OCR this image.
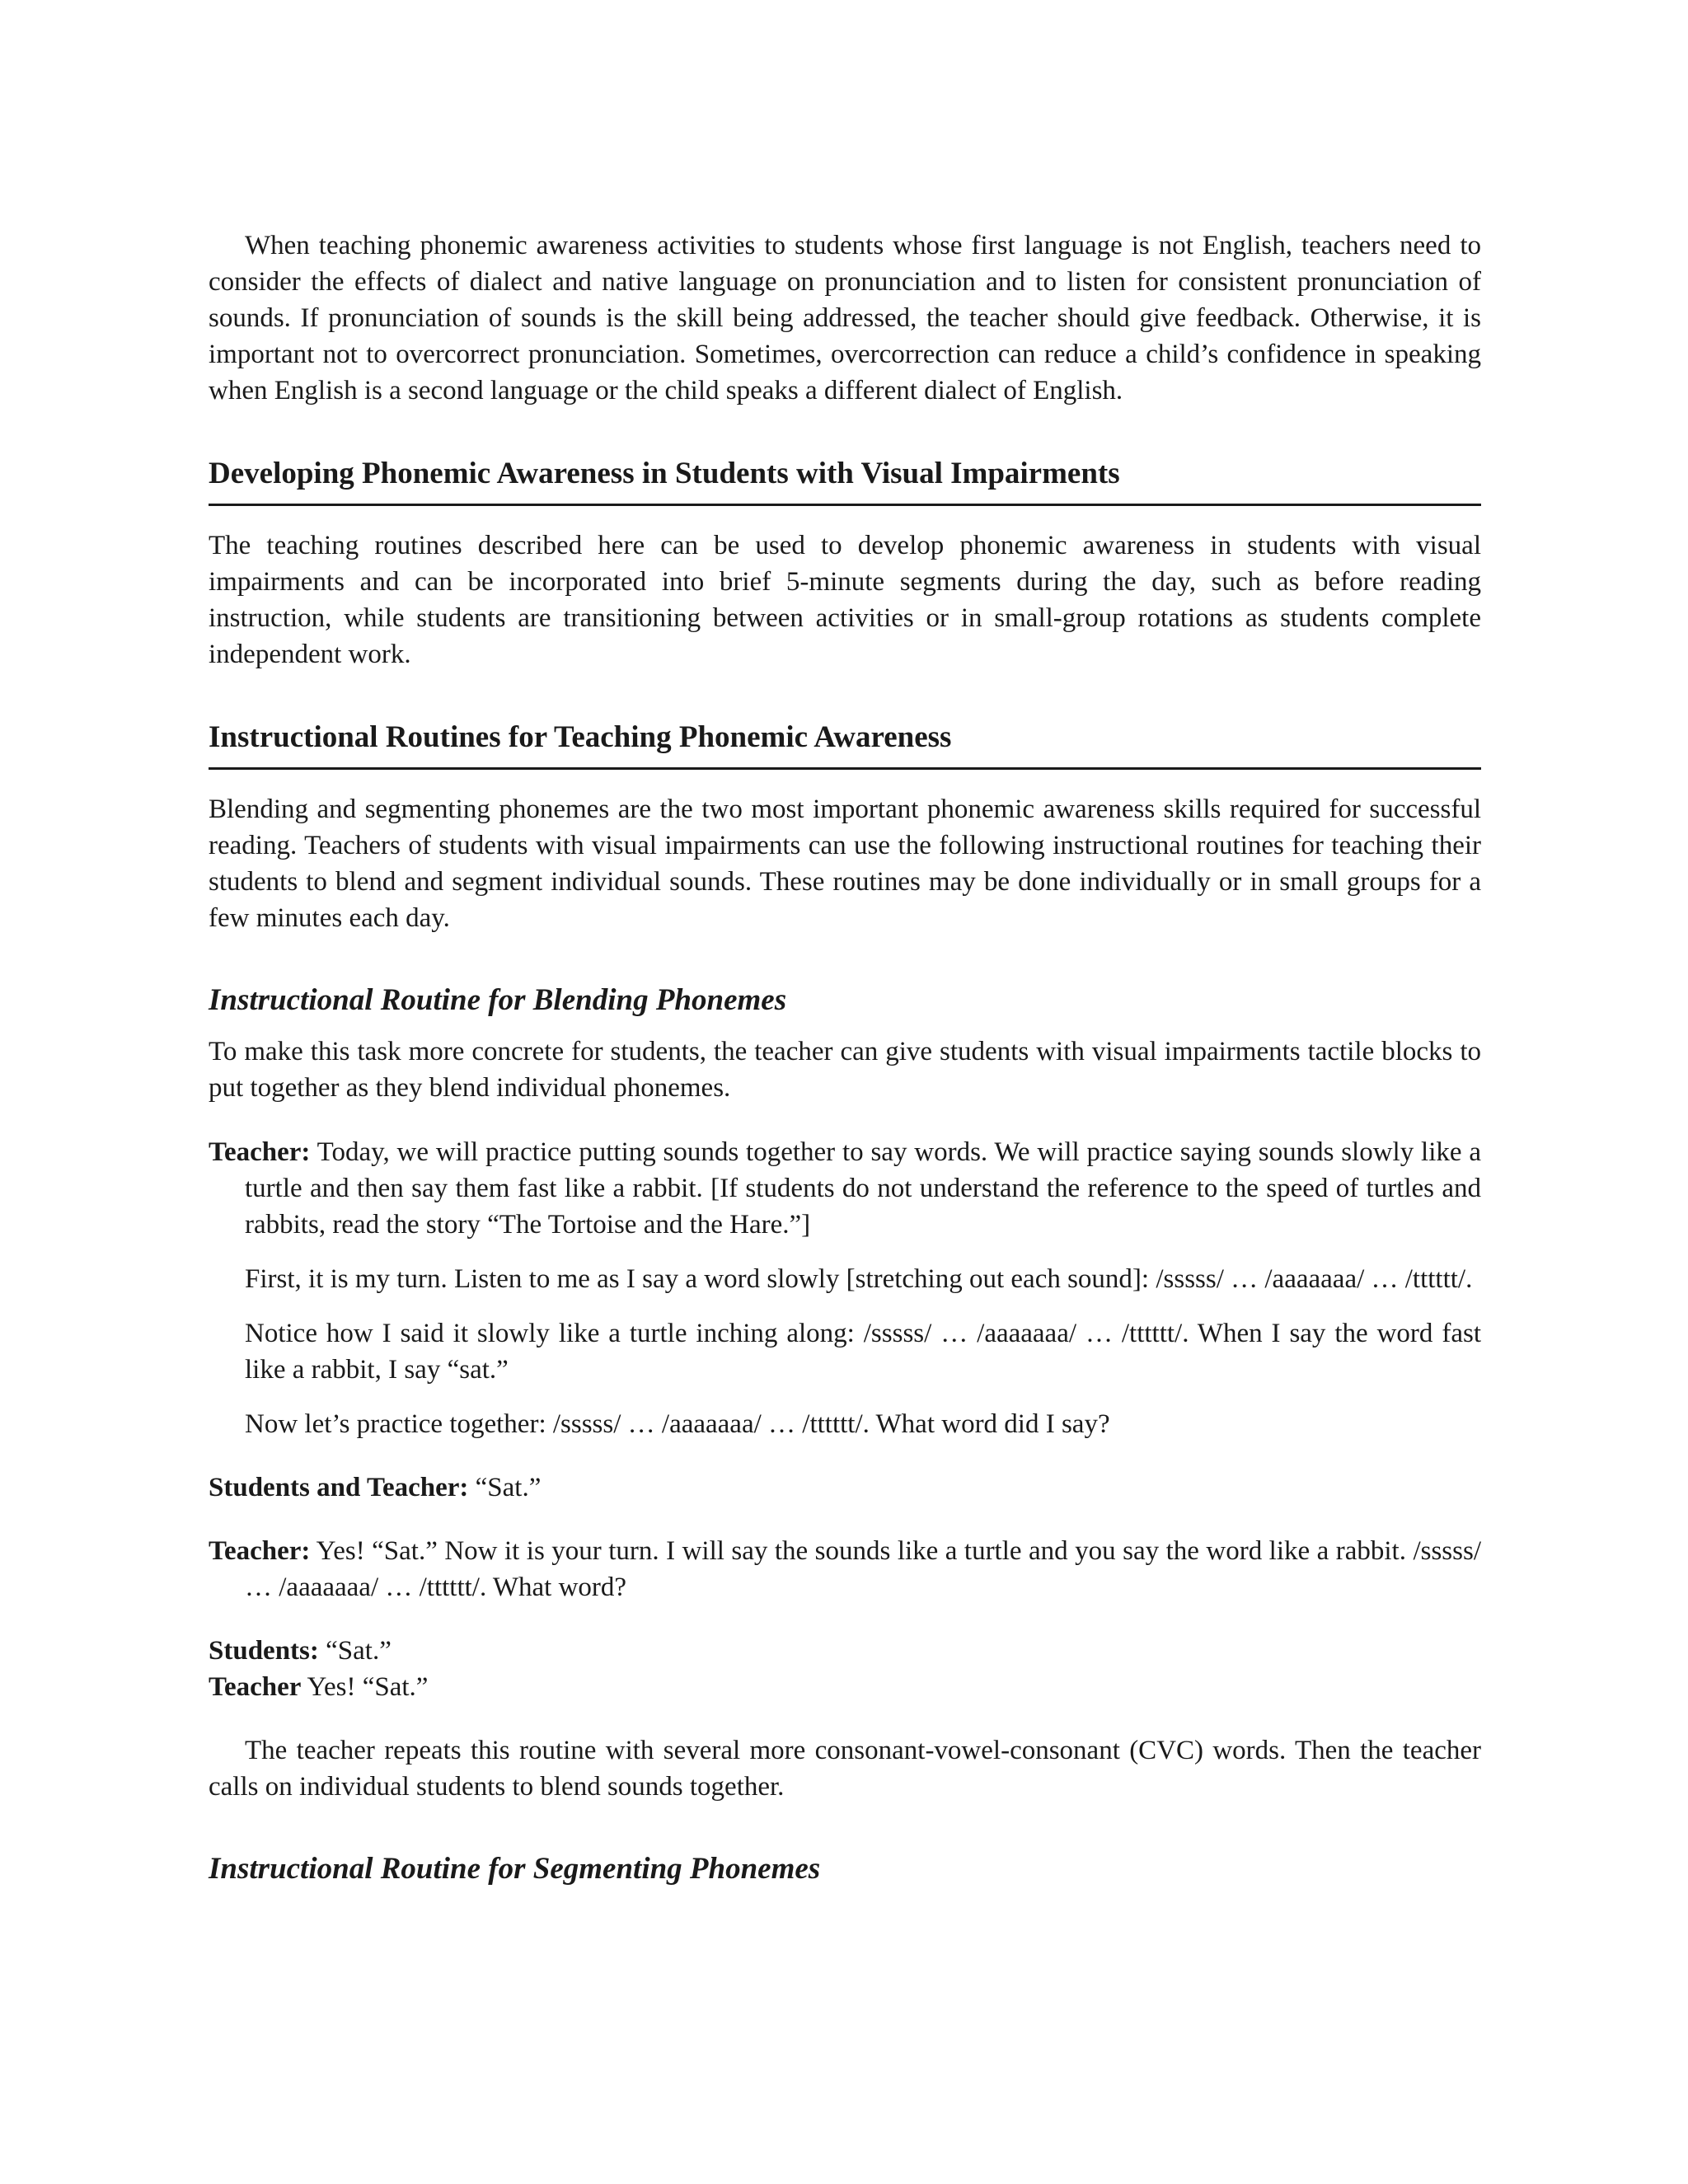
When teaching phonemic awareness activities to students whose first language is not English, teachers need to consider the effects of dialect and native language on pronunciation and to listen for consistent pronunciation of sounds. If pronunciation of sounds is the skill being addressed, the teacher should give feedback. Otherwise, it is important not to overcorrect pronunciation. Sometimes, overcorrection can reduce a child’s confidence in speaking when English is a second language or the child speaks a different dialect of English.

Developing Phonemic Awareness in Students with Visual Impairments

The teaching routines described here can be used to develop phonemic awareness in students with visual impairments and can be incorporated into brief 5-minute segments during the day, such as before reading instruction, while students are transitioning between activities or in small-group rotations as students complete independent work.

Instructional Routines for Teaching Phonemic Awareness

Blending and segmenting phonemes are the two most important phonemic awareness skills required for successful reading. Teachers of students with visual impairments can use the following instructional routines for teaching their students to blend and segment individual sounds. These routines may be done individually or in small groups for a few minutes each day.

Instructional Routine for Blending Phonemes

To make this task more concrete for students, the teacher can give students with visual impairments tactile blocks to put together as they blend individual phonemes.

Teacher: Today, we will practice putting sounds together to say words. We will practice saying sounds slowly like a turtle and then say them fast like a rabbit. [If students do not understand the reference to the speed of turtles and rabbits, read the story “The Tortoise and the Hare.”]

First, it is my turn. Listen to me as I say a word slowly [stretching out each sound]: /sssss/ … /aaaaaaa/ … /tttttt/.

Notice how I said it slowly like a turtle inching along: /sssss/ … /aaaaaaa/ … /tttttt/. When I say the word fast like a rabbit, I say “sat.”

Now let’s practice together: /sssss/ … /aaaaaaa/ … /tttttt/. What word did I say?

Students and Teacher: “Sat.”

Teacher: Yes! “Sat.” Now it is your turn. I will say the sounds like a turtle and you say the word like a rabbit. /sssss/ … /aaaaaaa/ … /tttttt/. What word?

Students: “Sat.”

Teacher Yes! “Sat.”

The teacher repeats this routine with several more consonant-vowel-consonant (CVC) words. Then the teacher calls on individual students to blend sounds together.

Instructional Routine for Segmenting Phonemes
